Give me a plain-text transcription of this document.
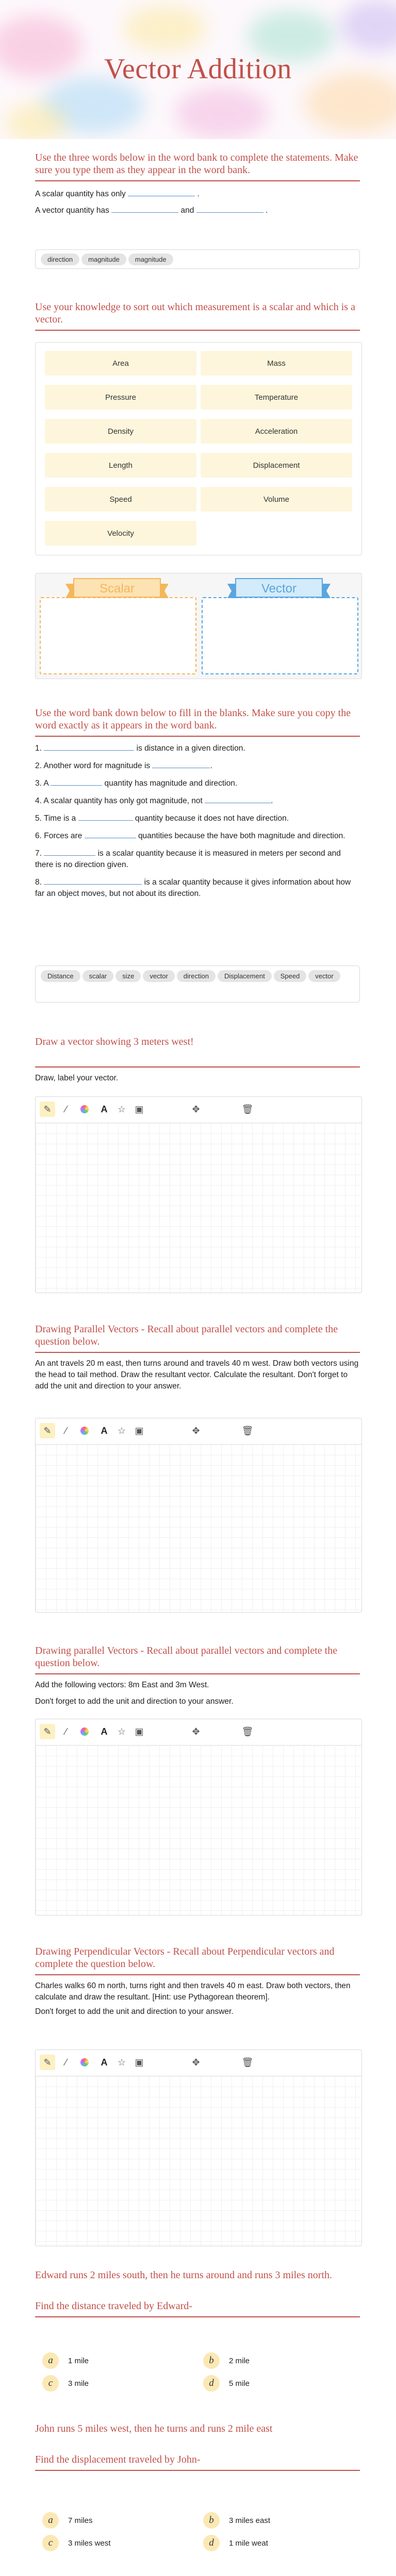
Vector Addition

Use the three words below in the word bank to complete the statements. Make sure you type them as they appear in the word bank.

A scalar quantity has only	.
A vector quantity has	and	.
direction magnitude magnitude

Use your knowledge to sort out which measurement is a scalar and which is a vector.

Area	Mass
Pressure	Temperature
Density	Acceleration
Length	Displacement
Speed	Volume
Velocity
Scalar	Vector

Use the word bank down below to fill in the blanks. Make sure you copy the word exactly as it appears in the word bank.

1.	is distance in a given direction.
2. Another word for magnitude is	.
3. A	quantity has magnitude and direction.
4. A scalar quantity has only got magnitude, not	.
5. Time is a	quantity because it does not have direction.
6. Forces are	quantities because the have both magnitude and direction.
7.	is a scalar quantity because it is measured in meters per second and there is no direction given.
8.	is a scalar quantity because it gives information about how far an object moves, but not about its direction.
Distance scalar size vector direction Displacement Speed vector

Draw a vector showing 3 meters west!

Draw, label your vector.
✎	⁄	A	☆ ▣	✥	🗑

Drawing Parallel Vectors - Recall about parallel vectors and complete the question below.

An ant travels 20 m east, then turns around and travels 40 m west. Draw both vectors using the head to tail method. Draw the resultant vector. Calculate the resultant. Don't forget to add the unit and direction to your answer.
✎	⁄	A	☆ ▣	✥	🗑

Drawing parallel Vectors - Recall about parallel vectors and complete the question below.

Add the following vectors: 8m East and 3m West.
Don't forget to add the unit and direction to your answer.
✎	⁄	A	☆ ▣	✥	🗑

Drawing Perpendicular Vectors - Recall about Perpendicular vectors and complete the question below.

Charles walks 60 m north, turns right and then travels 40 m east. Draw both vectors, then calculate and draw the resultant. [Hint: use Pythagorean theorem].
Don't forget to add the unit and direction to your answer.
✎	⁄	A	☆ ▣	✥	🗑

Edward runs 2 miles south, then he turns around and runs 3 miles north.

Find the distance traveled by Edward-

a	1 mile	b	2 mile
c	3 mile	d	5 mile

John runs 5 miles west, then he turns and runs 2 mile east

Find the displacement traveled by John-

a	7 miles	b	3 miles east
c	3 miles west	d	1 mile weat
